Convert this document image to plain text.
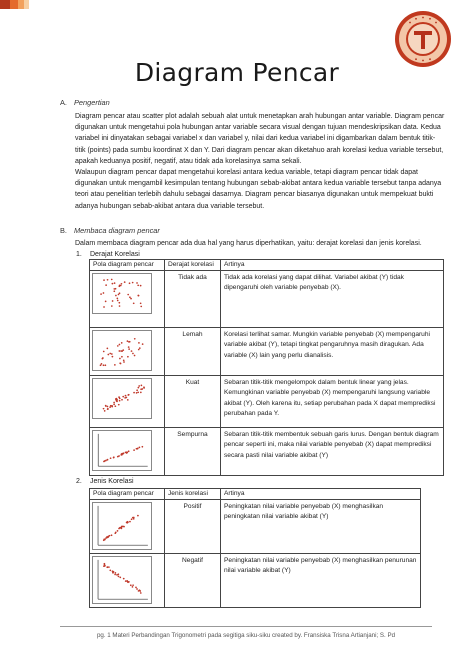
Diagram Pencar
A. Pengertian
Diagram pencar atau scatter plot adalah sebuah alat untuk menetapkan arah hubungan antar variable. Diagram pencar digunakan untuk mengetahui pola hubungan antar variable secara visual dengan tujuan mendeskripsikan data. Kedua variabel ini dinyatakan sebagai variabel x dan variabel y, nilai dari kedua variabel ini digambarkan dalam bentuk titik-titik (points) pada sumbu koordinat X dan Y. Dari diagram pencar akan diketahuo arah korelasi kedua variable tersebut, apakah keduanya positif, negatif, atau tidak ada korelasinya sama sekali.
Walaupun diagram pencar dapat mengetahui korelasi antara kedua variable, tetapi diagram pencar tidak dapat digunakan untuk mengambil kesimpulan tentang hubungan sebab-akibat antara kedua variable tersebut tanpa adanya teori atau penelitian terlebih dahulu sebagai dasarnya. Diagram pencar biasanya digunakan untuk mempekuat bukti adanya hubungan sebab-akibat antara dua variable tersebut.
B. Membaca diagram pencar
Dalam membaca diagram pencar ada dua hal yang harus diperhatikan, yaitu: derajat korelasi dan jenis korelasi.
1. Derajat Korelasi
Pola diagram pencar	Derajat korelasi	Artinya

	Tidak ada	Tidak ada korelasi yang dapat dilihat. Variabel akibat (Y) tidak dipengaruhi oleh variable penyebab (X).

	Lemah	Korelasi terlihat samar. Mungkin variable penyebab (X) mempengaruhi variable akibat (Y), tetapi tingkat pengaruhnya masih diragukan. Ada variable (X) lain yang perlu dianalisis.

	Kuat	Sebaran titik-titik mengelompok dalam bentuk linear yang jelas. Kemungkinan variable penyebab (X) mempengaruhi langsung variable akibat (Y). Oleh karena itu, setiap perubahan pada X dapat memprediksi perubahan pada Y.

	Sempurna	Sebaran titik-titik membentuk sebuah garis lurus. Dengan bentuk diagram pencar seperti ini, maka nilai variable penyebab (X) dapat memprediksi secara pasti nilai variable akibat (Y)
2. Jenis Korelasi
Pola diagram pencar	Jenis korelasi	Artinya

	Positif	Peningkatan nilai variable penyebab (X) menghasilkan peningkatan nilai variable akibat (Y)

	Negatif	Peningkatan nilai variable penyebab (X) menghasilkan penurunan nilai variable akibat (Y)
pg. 1 Materi Perbandingan Trigonometri pada segitiga siku-siku created by. Fransiska Trisna Artianjani; S. Pd
